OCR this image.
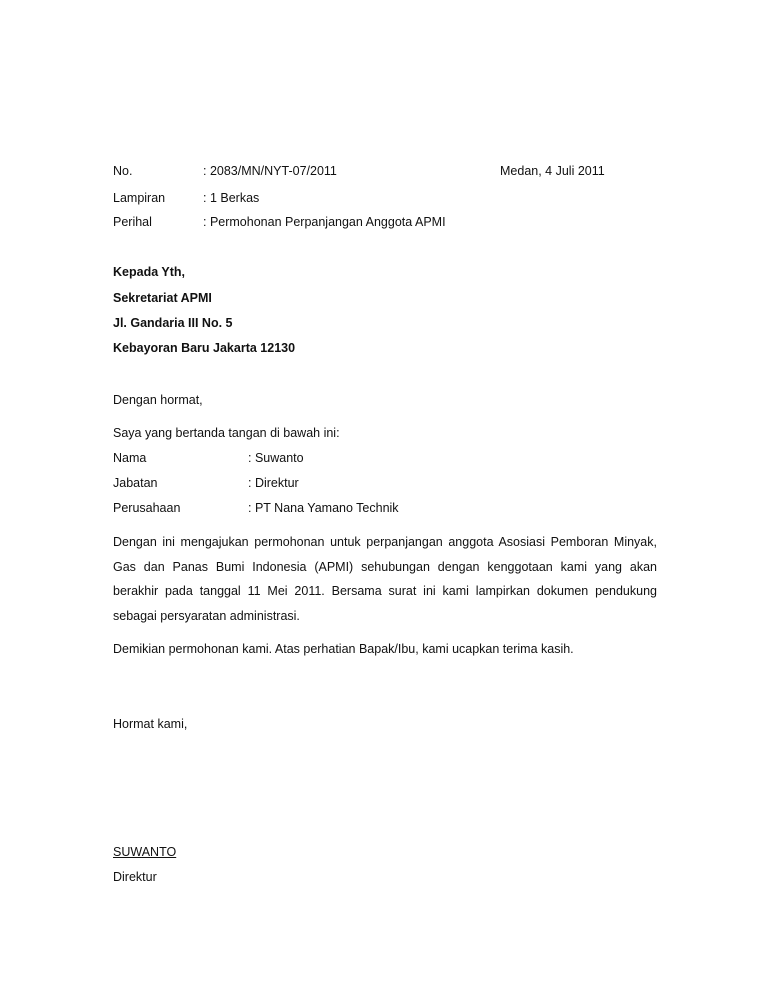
No.	: 2083/MN/NYT-07/2011	Medan, 4 Juli 2011
Lampiran	: 1 Berkas
Perihal	: Permohonan Perpanjangan Anggota APMI
Kepada Yth,
Sekretariat APMI
Jl. Gandaria III No. 5
Kebayoran Baru Jakarta 12130
Dengan hormat,
Saya yang bertanda tangan di bawah ini:
Nama	: Suwanto
Jabatan	: Direktur
Perusahaan	: PT Nana Yamano Technik
Dengan ini mengajukan permohonan untuk perpanjangan anggota Asosiasi Pemboran Minyak, Gas dan Panas Bumi Indonesia (APMI) sehubungan dengan kenggotaan kami yang akan berakhir pada tanggal 11 Mei 2011. Bersama surat ini kami lampirkan dokumen pendukung sebagai persyaratan administrasi.
Demikian permohonan kami. Atas perhatian Bapak/Ibu, kami ucapkan terima kasih.
Hormat kami,
SUWANTO
Direktur
